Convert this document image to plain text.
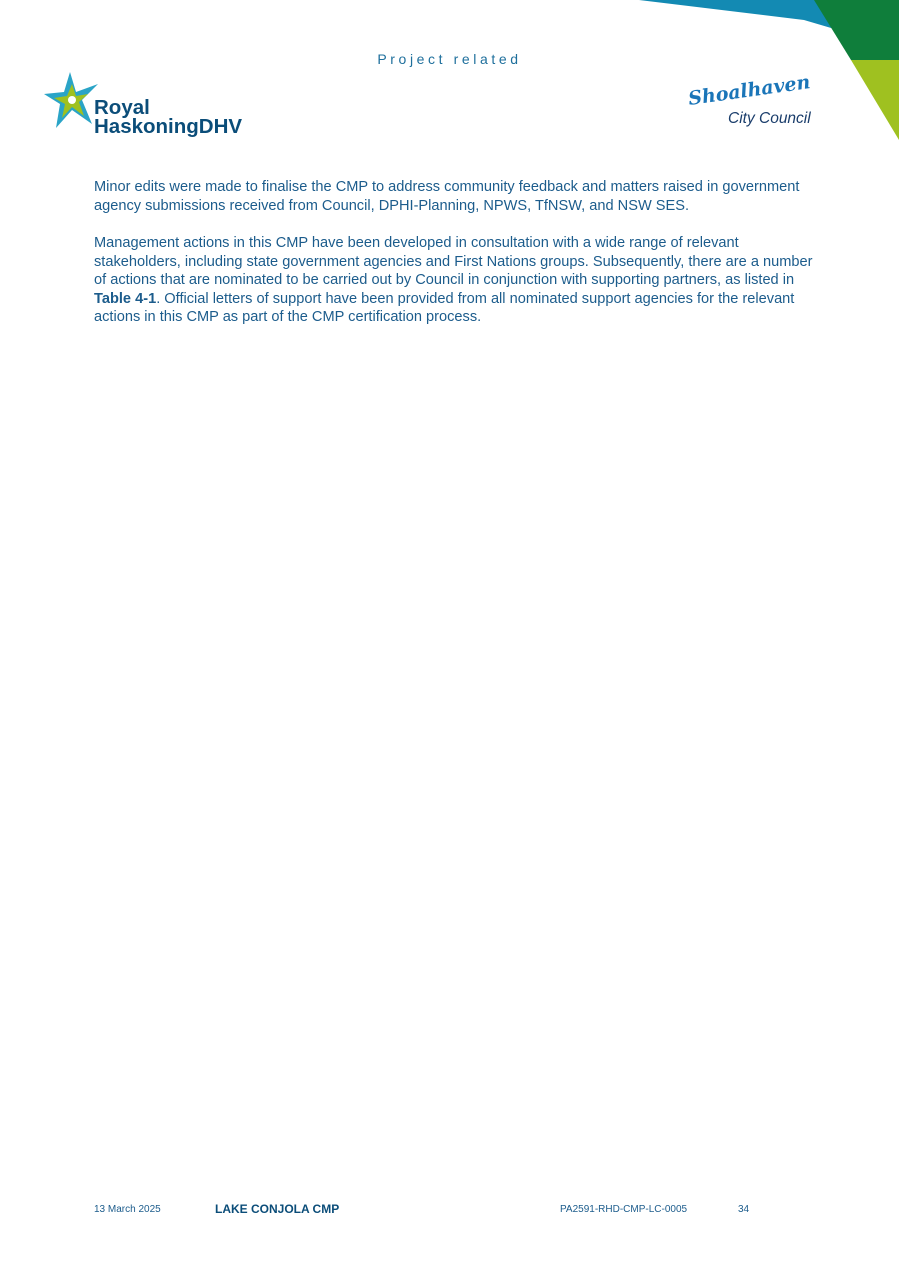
Project related
Royal
HaskoningDHV
Shoalhaven
City Council

Minor edits were made to finalise the CMP to address community feedback and matters raised in government agency submissions received from Council, DPHI-Planning, NPWS, TfNSW, and NSW SES.

Management actions in this CMP have been developed in consultation with a wide range of relevant stakeholders, including state government agencies and First Nations groups. Subsequently, there are a number of actions that are nominated to be carried out by Council in conjunction with supporting partners, as listed in Table 4-1. Official letters of support have been provided from all nominated support agencies for the relevant actions in this CMP as part of the CMP certification process.

13 March 2025	LAKE CONJOLA CMP	PA2591-RHD-CMP-LC-0005	34
